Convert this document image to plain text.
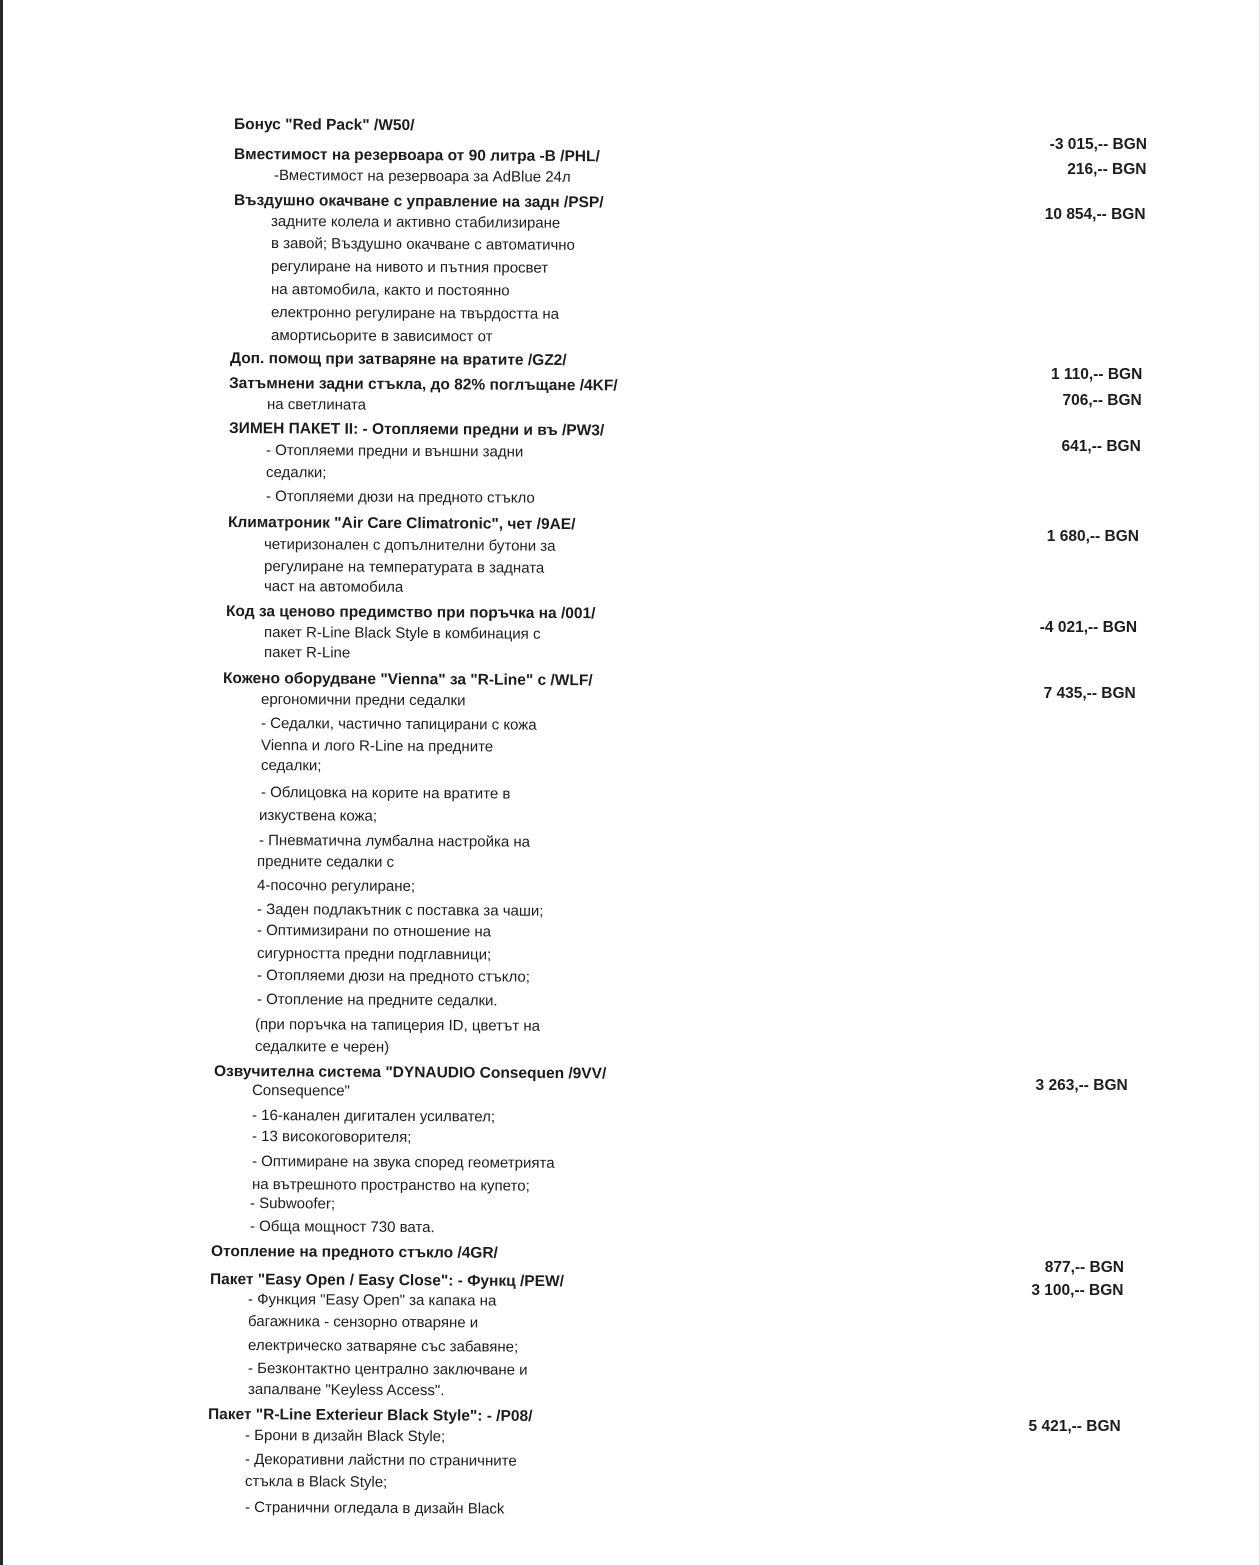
Бонус "Red Pack" /W50/
Вместимост на резервоара от 90 литра -B /PHL/
-Вместимост на резервоара за AdBlue 24л
Въздушно окачване с управление на задн /PSP/
задните колела и активно стабилизиране
в завой; Въздушно окачване с автоматично
регулиране на нивото и пътния просвет
на автомобила, както и постоянно
електронно регулиране на твърдостта на
амортисьорите в зависимост от
Доп. помощ при затваряне на вратите /GZ2/
Затъмнени задни стъкла, до 82% поглъщане /4KF/
на светлината
ЗИМЕН ПАКЕТ II: - Отопляеми предни и въ /PW3/
- Отопляеми предни и външни задни
седалки;
- Отопляеми дюзи на предното стъкло
Климатроник "Air Care Climatronic", чет /9AE/
четиризонален с допълнителни бутони за
регулиране на температурата в задната
част на автомобила
Код за ценово предимство при поръчка на /001/
пакет R-Line Black Style в комбинация с
пакет R-Line
Кожено оборудване "Vienna" за "R-Line" с /WLF/
ергономични предни седалки
- Седалки, частично тапицирани с кожа
Vienna и лого R-Line на предните
седалки;
- Облицовка на корите на вратите в
изкуствена кожа;
- Пневматична лумбална настройка на
предните седалки с
4-посочно регулиране;
- Заден подлакътник с поставка за чаши;
- Оптимизирани по отношение на
сигурността предни подглавници;
- Отопляеми дюзи на предното стъкло;
- Отопление на предните седалки.
(при поръчка на тапицерия ID, цветът на
седалките е черен)
Озвучителна система "DYNAUDIO Consequen /9VV/
Consequence"
- 16-канален дигитален усилвател;
- 13 високоговорителя;
- Оптимиране на звука според геометрията
на вътрешното пространство на купето;
- Subwoofer;
- Обща мощност 730 вата.
Отопление на предното стъкло /4GR/
Пакет "Easy Open / Easy Close": - Функц /PEW/
- Функция "Easy Open" за капака на
багажника - сензорно отваряне и
електрическо затваряне със забавяне;
- Безконтактно централно заключване и
запалване "Keyless Access".
Пакет "R-Line Exterieur Black Style": - /P08/
- Брони в дизайн Black Style;
- Декоративни лайстни по страничните
стъкла в Black Style;
- Странични огледала в дизайн Black
-3 015,-- BGN
216,-- BGN
10 854,-- BGN
1 110,-- BGN
706,-- BGN
641,-- BGN
1 680,-- BGN
-4 021,-- BGN
7 435,-- BGN
3 263,-- BGN
877,-- BGN
3 100,-- BGN
5 421,-- BGN
